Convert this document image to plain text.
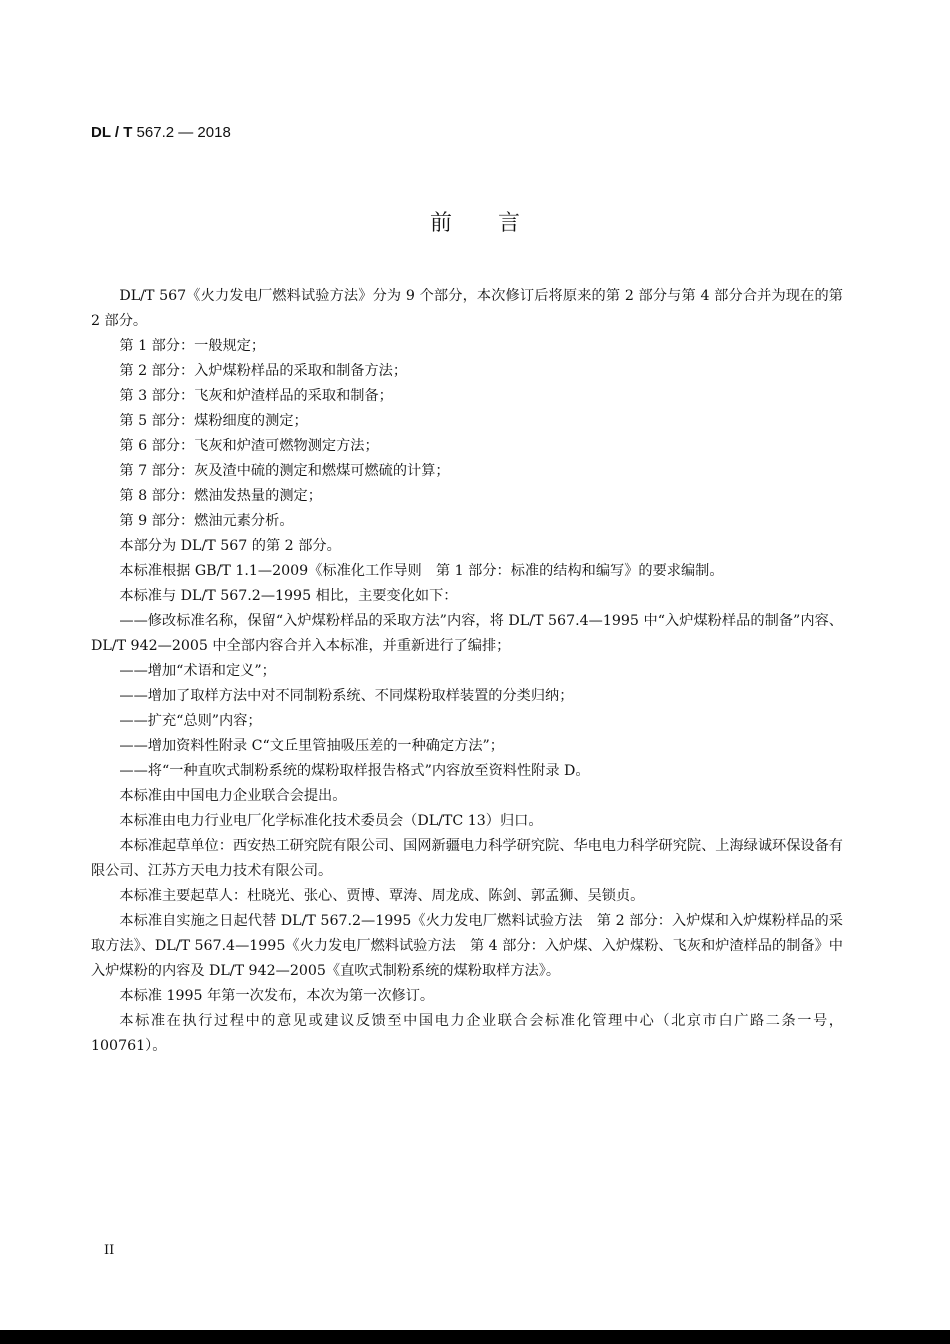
DL / T 567.2 — 2018
前言

DL/T 567《火力发电厂燃料试验方法》分为 9 个部分，本次修订后将原来的第 2 部分与第 4 部分合并为现在的第 2 部分。

第 1 部分：一般规定；

第 2 部分：入炉煤粉样品的采取和制备方法；

第 3 部分：飞灰和炉渣样品的采取和制备；

第 5 部分：煤粉细度的测定；

第 6 部分：飞灰和炉渣可燃物测定方法；

第 7 部分：灰及渣中硫的测定和燃煤可燃硫的计算；

第 8 部分：燃油发热量的测定；

第 9 部分：燃油元素分析。

本部分为 DL/T 567 的第 2 部分。

本标准根据 GB/T 1.1—2009《标准化工作导则　第 1 部分：标准的结构和编写》的要求编制。

本标准与 DL/T 567.2—1995 相比，主要变化如下：

——修改标准名称，保留“入炉煤粉样品的采取方法”内容，将 DL/T 567.4—1995 中“入炉煤粉样品的制备”内容、DL/T 942—2005 中全部内容合并入本标准，并重新进行了编排；

——增加“术语和定义”；

——增加了取样方法中对不同制粉系统、不同煤粉取样装置的分类归纳；

——扩充“总则”内容；

——增加资料性附录 C“文丘里管抽吸压差的一种确定方法”；

——将“一种直吹式制粉系统的煤粉取样报告格式”内容放至资料性附录 D。

本标准由中国电力企业联合会提出。

本标准由电力行业电厂化学标准化技术委员会（DL/TC 13）归口。

本标准起草单位：西安热工研究院有限公司、国网新疆电力科学研究院、华电电力科学研究院、上海绿诚环保设备有限公司、江苏方天电力技术有限公司。

本标准主要起草人：杜晓光、张心、贾博、覃涛、周龙成、陈剑、郭孟狮、吴锁贞。

本标准自实施之日起代替 DL/T 567.2—1995《火力发电厂燃料试验方法　第 2 部分：入炉煤和入炉煤粉样品的采取方法》、DL/T 567.4—1995《火力发电厂燃料试验方法　第 4 部分：入炉煤、入炉煤粉、飞灰和炉渣样品的制备》中入炉煤粉的内容及 DL/T 942—2005《直吹式制粉系统的煤粉取样方法》。

本标准 1995 年第一次发布，本次为第一次修订。

本标准在执行过程中的意见或建议反馈至中国电力企业联合会标准化管理中心（北京市白广路二条一号，100761）。

II
